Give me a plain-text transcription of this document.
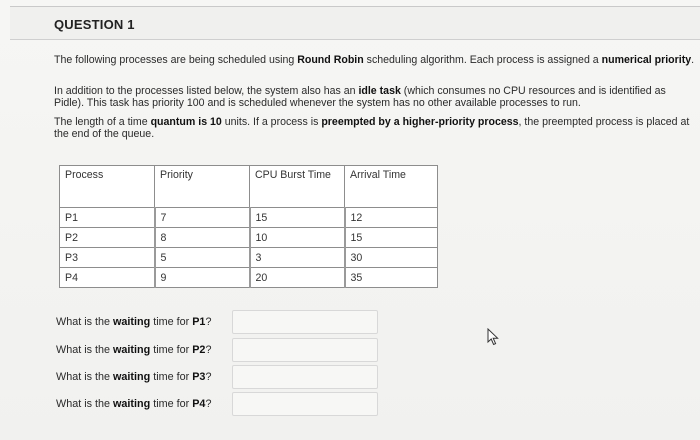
QUESTION 1
The following processes are being scheduled using Round Robin scheduling algorithm. Each process is assigned a numerical priority.
In addition to the processes listed below, the system also has an idle task (which consumes no CPU resources and is identified as Pidle). This task has priority 100 and is scheduled whenever the system has no other available processes to run.
The length of a time quantum is 10 units. If a process is preempted by a higher-priority process, the preempted process is placed at the end of the queue.
Process	Priority	CPU Burst Time	Arrival Time
P1	7	15	12
P2	8	10	15
P3	5	3	30
P4	9	20	35
What is the waiting time for P1?
What is the waiting time for P2?
What is the waiting time for P3?
What is the waiting time for P4?
